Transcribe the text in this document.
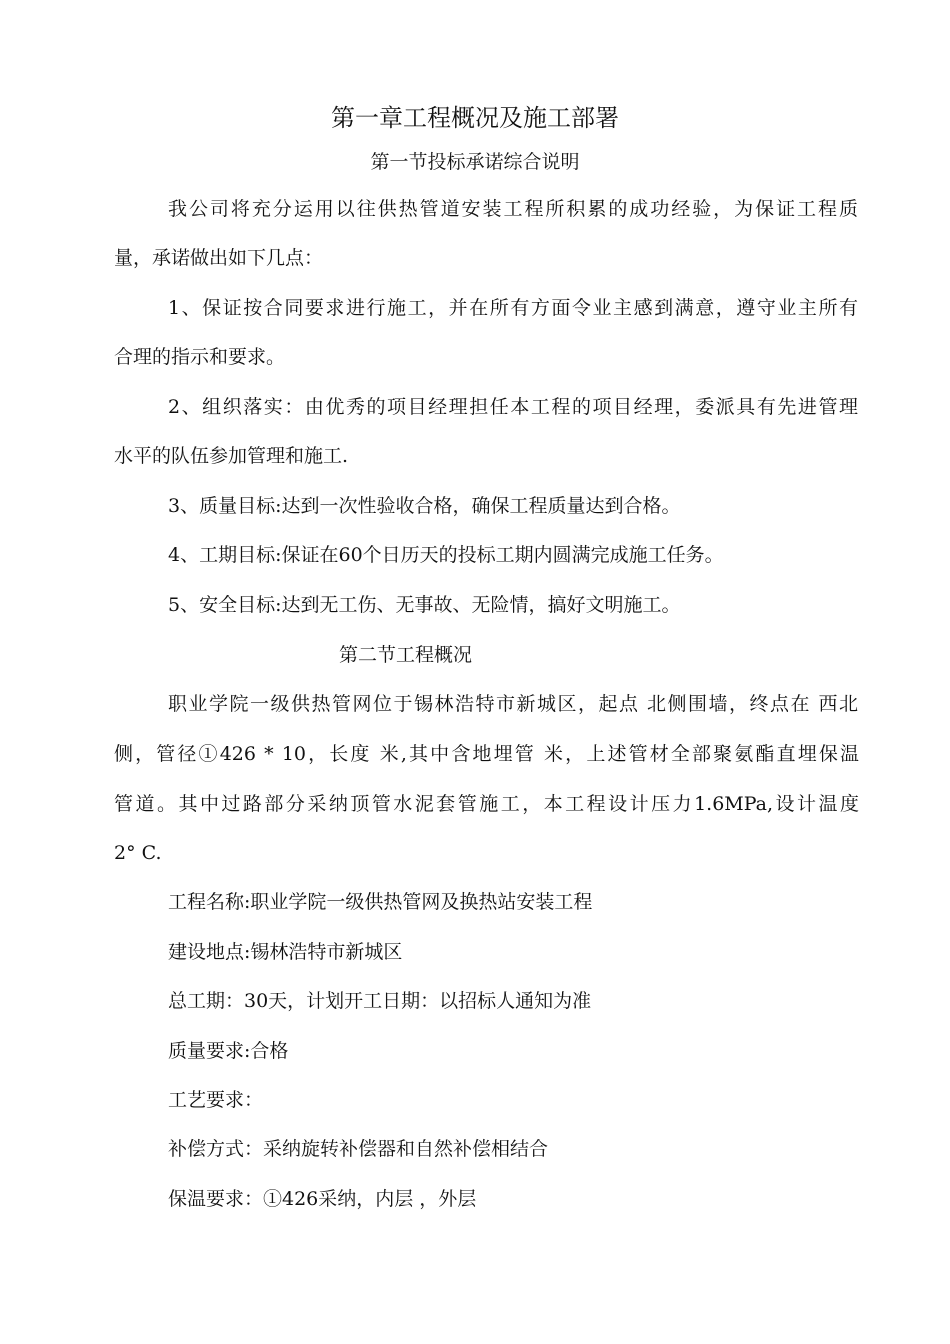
第一章工程概况及施工部署
第一节投标承诺综合说明
我公司将充分运用以往供热管道安装工程所积累的成功经验，为保证工程质
量，承诺做出如下几点：
1、保证按合同要求进行施工，并在所有方面令业主感到满意，遵守业主所有
合理的指示和要求。
2、组织落实：由优秀的项目经理担任本工程的项目经理，委派具有先进管理
水平的队伍参加管理和施工.
3、质量目标:达到一次性验收合格，确保工程质量达到合格。
4、工期目标:保证在60个日历天的投标工期内圆满完成施工任务。
5、安全目标:达到无工伤、无事故、无险情，搞好文明施工。
第二节工程概况
职业学院一级供热管网位于锡林浩特市新城区，起点 北侧围墙，终点在 西北
侧，管径①426 * 10，长度 米,其中含地埋管 米，上述管材全部聚氨酯直埋保温
管道。其中过路部分采纳顶管水泥套管施工，本工程设计压力1.6MPa,设计温度
2° C.
工程名称:职业学院一级供热管网及换热站安装工程
建设地点:锡林浩特市新城区
总工期：30天，计划开工日期：以招标人通知为准
质量要求:合格
工艺要求：
补偿方式：采纳旋转补偿器和自然补偿相结合
保温要求：①426采纳，内层 ，外层
